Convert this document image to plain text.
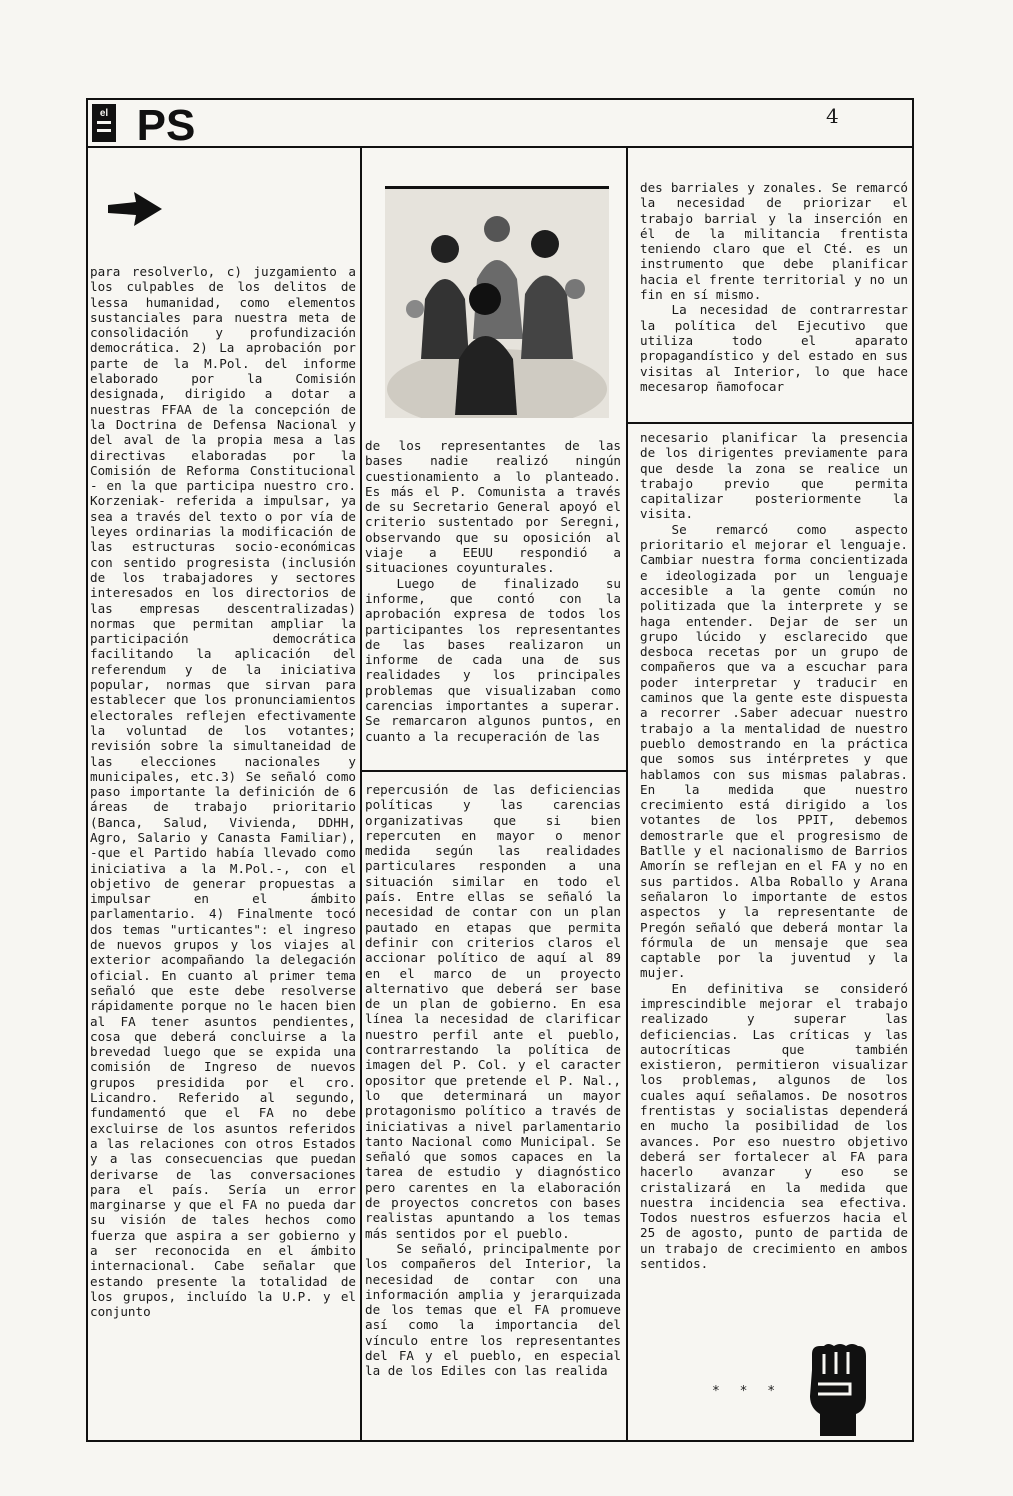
el PS	4

para resolverlo, c) juzgamiento a los culpables de los delitos de lessa humanidad, como elementos sustanciales para nuestra meta de consolidación y profundización democrática. 2) La aprobación por parte de la M.Pol. del informe elaborado por la Comisión designada, dirigido a dotar a nuestras FFAA de la concepción de la Doctrina de Defensa Nacional y del aval de la propia mesa a las directivas elaboradas por la Comisión de Reforma Constitucional - en la que participa nuestro cro. Korzeniak- referida a impulsar, ya sea a través del texto o por vía de leyes ordinarias la modificación de las estructuras socio-económicas con sentido progresista (inclusión de los trabajadores y sectores interesados en los directorios de las empresas descentralizadas) normas que permitan ampliar la participación democrática facilitando la aplicación del referendum y de la iniciativa popular, normas que sirvan para establecer que los pronunciamientos electorales reflejen efectivamente la voluntad de los votantes; revisión sobre la simultaneidad de las elecciones nacionales y municipales, etc.3) Se señaló como paso importante la definición de 6 áreas de trabajo prioritario (Banca, Salud, Vivienda, DDHH, Agro, Salario y Canasta Familiar), -que el Partido había llevado como iniciativa a la M.Pol.-, con el objetivo de generar propuestas a impulsar en el ámbito parlamentario. 4) Finalmente tocó dos temas "urticantes": el ingreso de nuevos grupos y los viajes al exterior acompañando la delegación oficial. En cuanto al primer tema señaló que este debe resolverse rápidamente porque no le hacen bien al FA tener asuntos pendientes, cosa que deberá concluirse a la brevedad luego que se expida una comisión de Ingreso de nuevos grupos presidida por el cro. Licandro. Referido al segundo, fundamentó que el FA no debe excluirse de los asuntos referidos a las relaciones con otros Estados y a las consecuencias que puedan derivarse de las conversaciones para el país. Sería un error marginarse y que el FA no pueda dar su visión de tales hechos como fuerza que aspira a ser gobierno y a ser reconocida en el ámbito internacional. Cabe señalar que estando presente la totalidad de los grupos, incluído la U.P. y el conjunto

de los representantes de las bases nadie realizó ningún cuestionamiento a lo planteado. Es más el P. Comunista a través de su Secretario General apoyó el criterio sustentado por Seregni, observando que su oposición al viaje a EEUU respondió a situaciones coyunturales.

Luego de finalizado su informe, que contó con la aprobación expresa de todos los participantes los representantes de las bases realizaron un informe de cada una de sus realidades y los principales problemas que visualizaban como carencias importantes a superar. Se remarcaron algunos puntos, en cuanto a la recuperación de las

repercusión de las deficiencias políticas y las carencias organizativas que si bien repercuten en mayor o menor medida según las realidades particulares responden a una situación similar en todo el país. Entre ellas se señaló la necesidad de contar con un plan pautado en etapas que permita definir con criterios claros el accionar político de aquí al 89 en el marco de un proyecto alternativo que deberá ser base de un plan de gobierno. En esa línea la necesidad de clarificar nuestro perfil ante el pueblo, contrarrestando la política de imagen del P. Col. y el caracter opositor que pretende el P. Nal., lo que determinará un mayor protagonismo político a través de iniciativas a nivel parlamentario tanto Nacional como Municipal. Se señaló que somos capaces en la tarea de estudio y diagnóstico pero carentes en la elaboración de proyectos concretos con bases realistas apuntando a los temas más sentidos por el pueblo.

Se señaló, principalmente por los compañeros del Interior, la necesidad de contar con una información amplia y jerarquizada de los temas que el FA promueve así como la importancia del vínculo entre los representantes del FA y el pueblo, en especial la de los Ediles con las realida

des barriales y zonales. Se remarcó la necesidad de priorizar el trabajo barrial y la inserción en él de la militancia frentista teniendo claro que el Cté. es un instrumento que debe planificar hacia el frente territorial y no un fin en sí mismo.

La necesidad de contrarrestar la política del Ejecutivo que utiliza todo el aparato propagandístico y del estado en sus visitas al Interior, lo que hace mecesarop ñamofocar

necesario planificar la presencia de los dirigentes previamente para que desde la zona se realice un trabajo previo que permita capitalizar posteriormente la visita.

Se remarcó como aspecto prioritario el mejorar el lenguaje. Cambiar nuestra forma concientizada e ideologizada por un lenguaje accesible a la gente común no politizada que la interprete y se haga entender. Dejar de ser un grupo lúcido y esclarecido que desboca recetas por un grupo de compañeros que va a escuchar para poder interpretar y traducir en caminos que la gente este dispuesta a recorrer .Saber adecuar nuestro trabajo a la mentalidad de nuestro pueblo demostrando en la práctica que somos sus intérpretes y que hablamos con sus mismas palabras. En la medida que nuestro crecimiento está dirigido a los votantes de los PPIT, debemos demostrarle que el progresismo de Batlle y el nacionalismo de Barrios Amorín se reflejan en el FA y no en sus partidos. Alba Roballo y Arana señalaron lo importante de estos aspectos y la representante de Pregón señaló que deberá montar la fórmula de un mensaje que sea captable por la juventud y la mujer.

En definitiva se consideró imprescindible mejorar el trabajo realizado y superar las deficiencias. Las críticas y las autocríticas que también existieron, permitieron visualizar los problemas, algunos de los cuales aquí señalamos. De nosotros frentistas y socialistas dependerá en mucho la posibilidad de los avances. Por eso nuestro objetivo deberá ser fortalecer al FA para hacerlo avanzar y eso se cristalizará en la medida que nuestra incidencia sea efectiva. Todos nuestros esfuerzos hacia el 25 de agosto, punto de partida de un trabajo de crecimiento en ambos sentidos.

* * *
